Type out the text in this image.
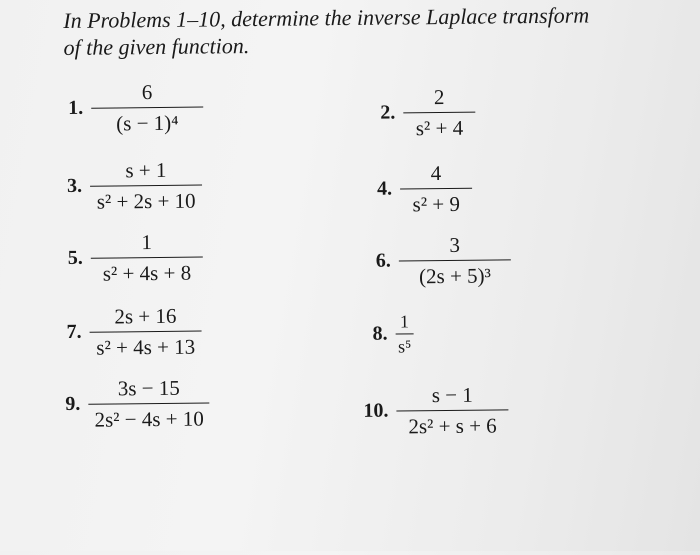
In Problems 1–10, determine the inverse Laplace transform
of the given function.
1. $\frac{6}{\text{(s − 1)⁴}}$	2. $\frac{2}{\text{s² + 4}}$
3. $\frac{s + 1}{\text{s² + 2s + 10}}$	4. $\frac{4}{\text{s² + 9}}$
5. $\frac{1}{\text{s² + 4s + 8}}$	6. $\frac{3}{\text{(2s + 5)³}}$
7. $\frac{2s + 16}{\text{s² + 4s + 13}}$	8. $\frac{1}{\text{s⁵}}$
9. $\frac{3s - 15}{\text{2s² − 4s + 10}}$	10. $\frac{s - 1}{\text{2s² + s + 6}}$
